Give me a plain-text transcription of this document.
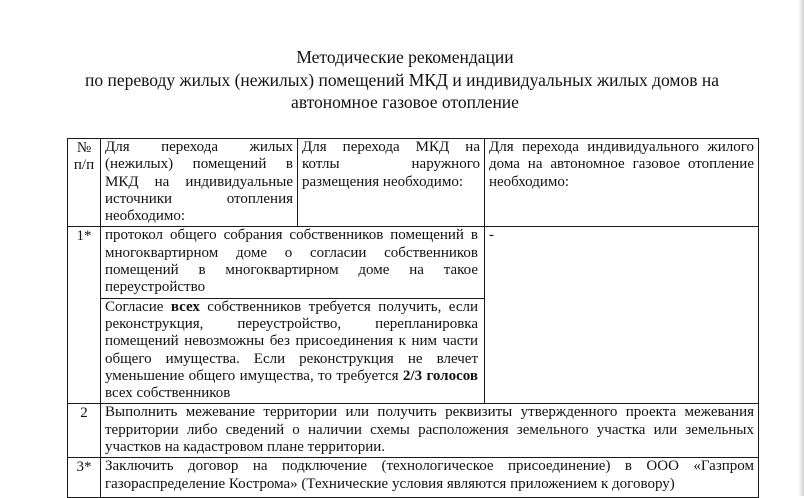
Методические рекомендации
по переводу жилых (нежилых) помещений МКД и индивидуальных жилых домов на
автономное газовое отопление
№ п/п	Для перехода жилых (нежилых) помещений в МКД на индивидуальные источники отопления необходимо:	Для перехода МКД на котлы наружного размещения необходимо:	Для перехода индивидуального жилого дома на автономное газовое отопление необходимо:
1*	протокол общего собрания собственников помещений в многоквартирном доме о согласии собственников помещений в многоквартирном доме на такое переустройство		-
	Согласие всех собственников требуется получить, если реконструкция, переустройство, перепланировка помещений невозможны без присоединения к ним части общего имущества. Если реконструкция не влечет уменьшение общего имущества, то требуется 2/3 голосов всех собственников		
2	Выполнить межевание территории или получить реквизиты утвержденного проекта межевания территории либо сведений о наличии схемы расположения земельного участка или земельных участков на кадастровом плане территории.		
3*	Заключить договор на подключение (технологическое присоединение) в ООО «Газпром газораспределение Кострома» (Технические условия являются приложением к договору)		
